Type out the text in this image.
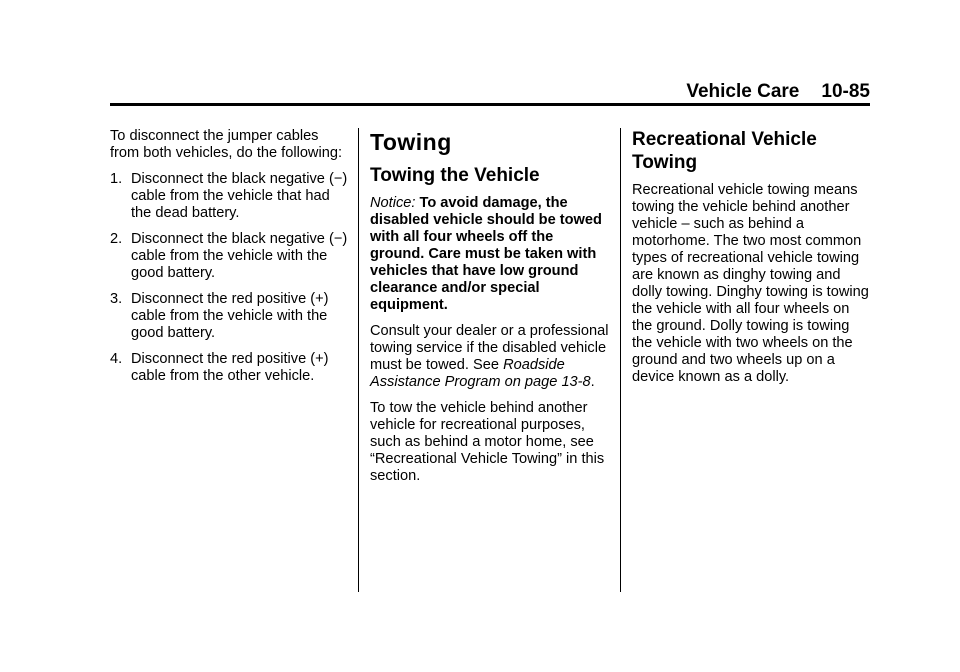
Vehicle Care 10-85

To disconnect the jumper cables from both vehicles, do the following:

1. Disconnect the black negative (−) cable from the vehicle that had the dead battery.
2. Disconnect the black negative (−) cable from the vehicle with the good battery.
3. Disconnect the red positive (+) cable from the vehicle with the good battery.
4. Disconnect the red positive (+) cable from the other vehicle.
Towing
Towing the Vehicle

Notice: To avoid damage, the disabled vehicle should be towed with all four wheels off the ground. Care must be taken with vehicles that have low ground clearance and/or special equipment.

Consult your dealer or a professional towing service if the disabled vehicle must be towed. See Roadside Assistance Program on page 13-8.

To tow the vehicle behind another vehicle for recreational purposes, such as behind a motor home, see “Recreational Vehicle Towing” in this section.

Recreational Vehicle Towing

Recreational vehicle towing means towing the vehicle behind another vehicle – such as behind a motorhome. The two most common types of recreational vehicle towing are known as dinghy towing and dolly towing. Dinghy towing is towing the vehicle with all four wheels on the ground. Dolly towing is towing the vehicle with two wheels on the ground and two wheels up on a device known as a dolly.
